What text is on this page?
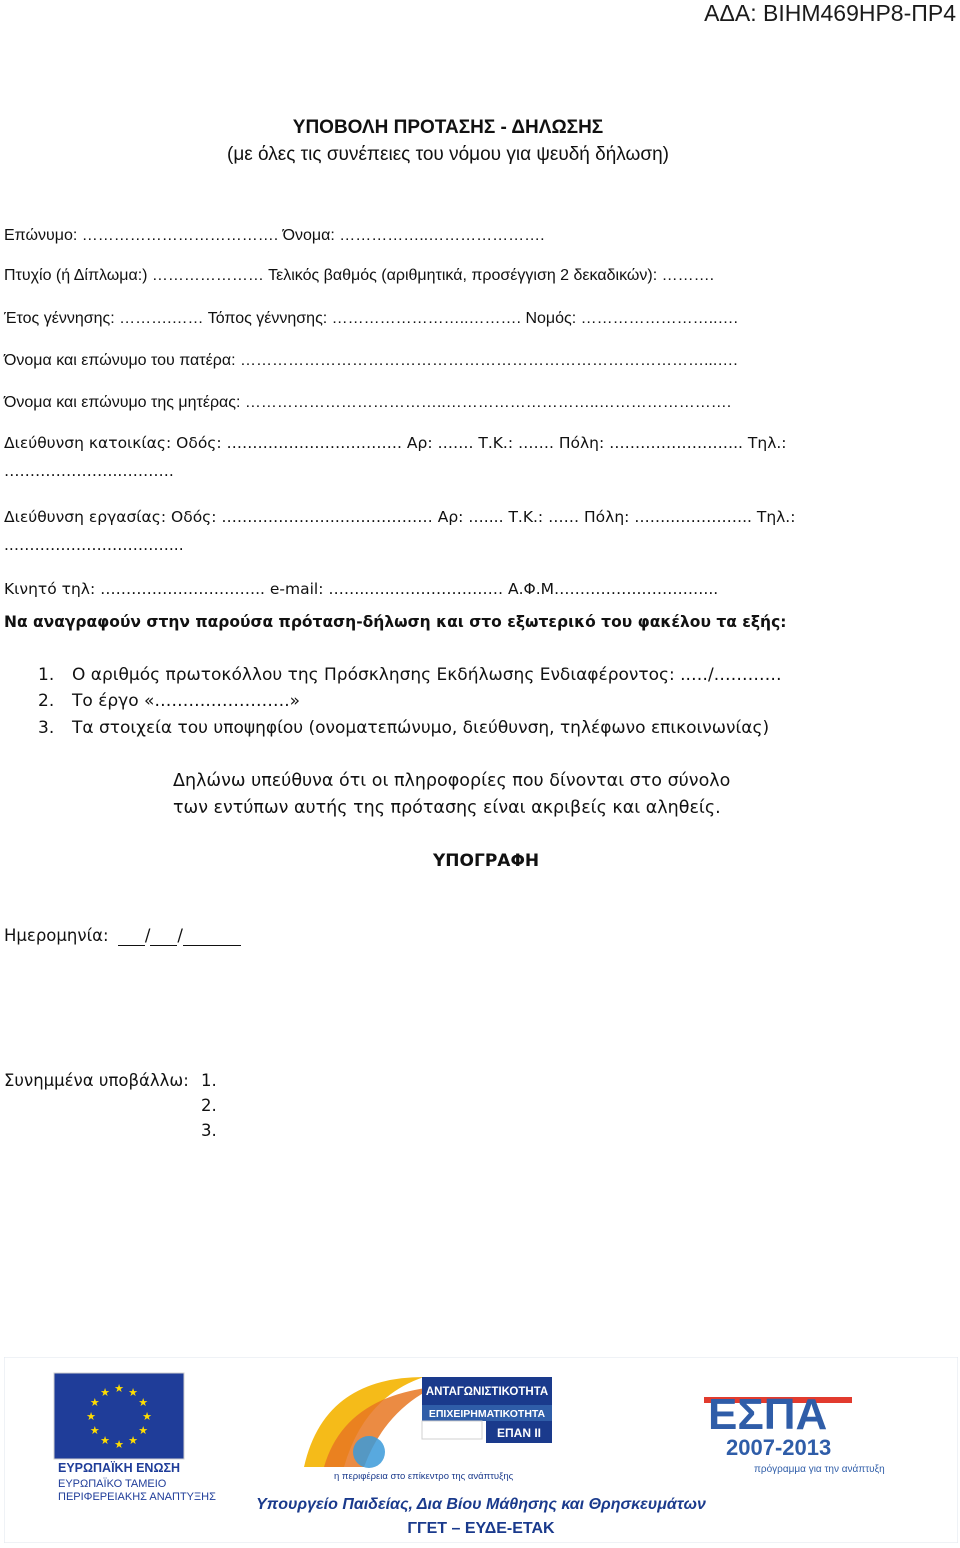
ΑΔΑ: ΒΙΗΜ469ΗΡ8-ΠΡ4
ΥΠΟΒΟΛΗ ΠΡΟΤΑΣΗΣ - ΔΗΛΩΣΗΣ
(με όλες τις συνέπειες του νόμου για ψευδή δήλωση)
Επώνυμο: ………………………………. Όνομα: ……………..………………….
Πτυχίο (ή Δίπλωμα:) ………………… Τελικός βαθμός (αριθμητικά, προσέγγιση 2 δεκαδικών): ……….
Έτος γέννησης: ……….…… Τόπος γέννησης: ……………………..………. Νομός: ……………………..….
Όνομα και επώνυμο του πατέρα: ……………………………………………………………………………...….
Όνομα και επώνυμο της μητέρας: ………………………………..………………………..…………………….
Διεύθυνση κατοικίας: Οδός: ……………………………. Αρ: ……. Τ.Κ.: ……. Πόλη: …………………….. Τηλ.:
…………………..……….
Διεύθυνση εργασίας: Οδός: …………………..……………… Αρ: ….... Τ.Κ.: …… Πόλη: ……..……….….. Τηλ.:
..…………………………...
Κινητό τηλ: ………………………….. e-mail: ……..…..………………… Α.Φ.Μ……………..…………...
Να αναγραφούν στην παρούσα πρόταση-δήλωση και στο εξωτερικό του φακέλου τα εξής:
1. Ο αριθμός πρωτοκόλλου της Πρόσκλησης Εκδήλωσης Ενδιαφέροντος: ..…/…………
2. Το έργο «………..………….»
3. Τα στοιχεία του υποψηφίου (ονοματεπώνυμο, διεύθυνση, τηλέφωνο επικοινωνίας)
Δηλώνω υπεύθυνα ότι οι πληροφορίες που δίνονται στο σύνολο
των εντύπων αυτής της πρότασης είναι ακριβείς και αληθείς.
ΥΠΟΓΡΑΦΗ
Ημερομηνία: / /
Συνημμένα υποβάλλω: 1.
2.
3.
★ ★
★
★
★
★
★
★
★
★
★
★
ΕΥΡΩΠΑΪΚΗ ΕΝΩΣΗ
ΕΥΡΩΠΑΪΚΟ ΤΑΜΕΙΟ
ΠΕΡΙΦΕΡΕΙΑΚΗΣ ΑΝΑΠΤΥΞΗΣ
ΑΝΤΑΓΩΝΙΣΤΙΚΟΤΗΤΑ
ΕΠΙΧΕΙΡΗΜΑΤΙΚΟΤΗΤΑ
ΕΠΑΝ II
η περιφέρεια στο επίκεντρο της ανάπτυξης
ΕΣΠΑ
2007-2013
πρόγραμμα για την ανάπτυξη
Υπουργείο Παιδείας, Δια Βίου Μάθησης και Θρησκευμάτων
ΓΓΕΤ – ΕΥΔΕ-ΕΤΑΚ
